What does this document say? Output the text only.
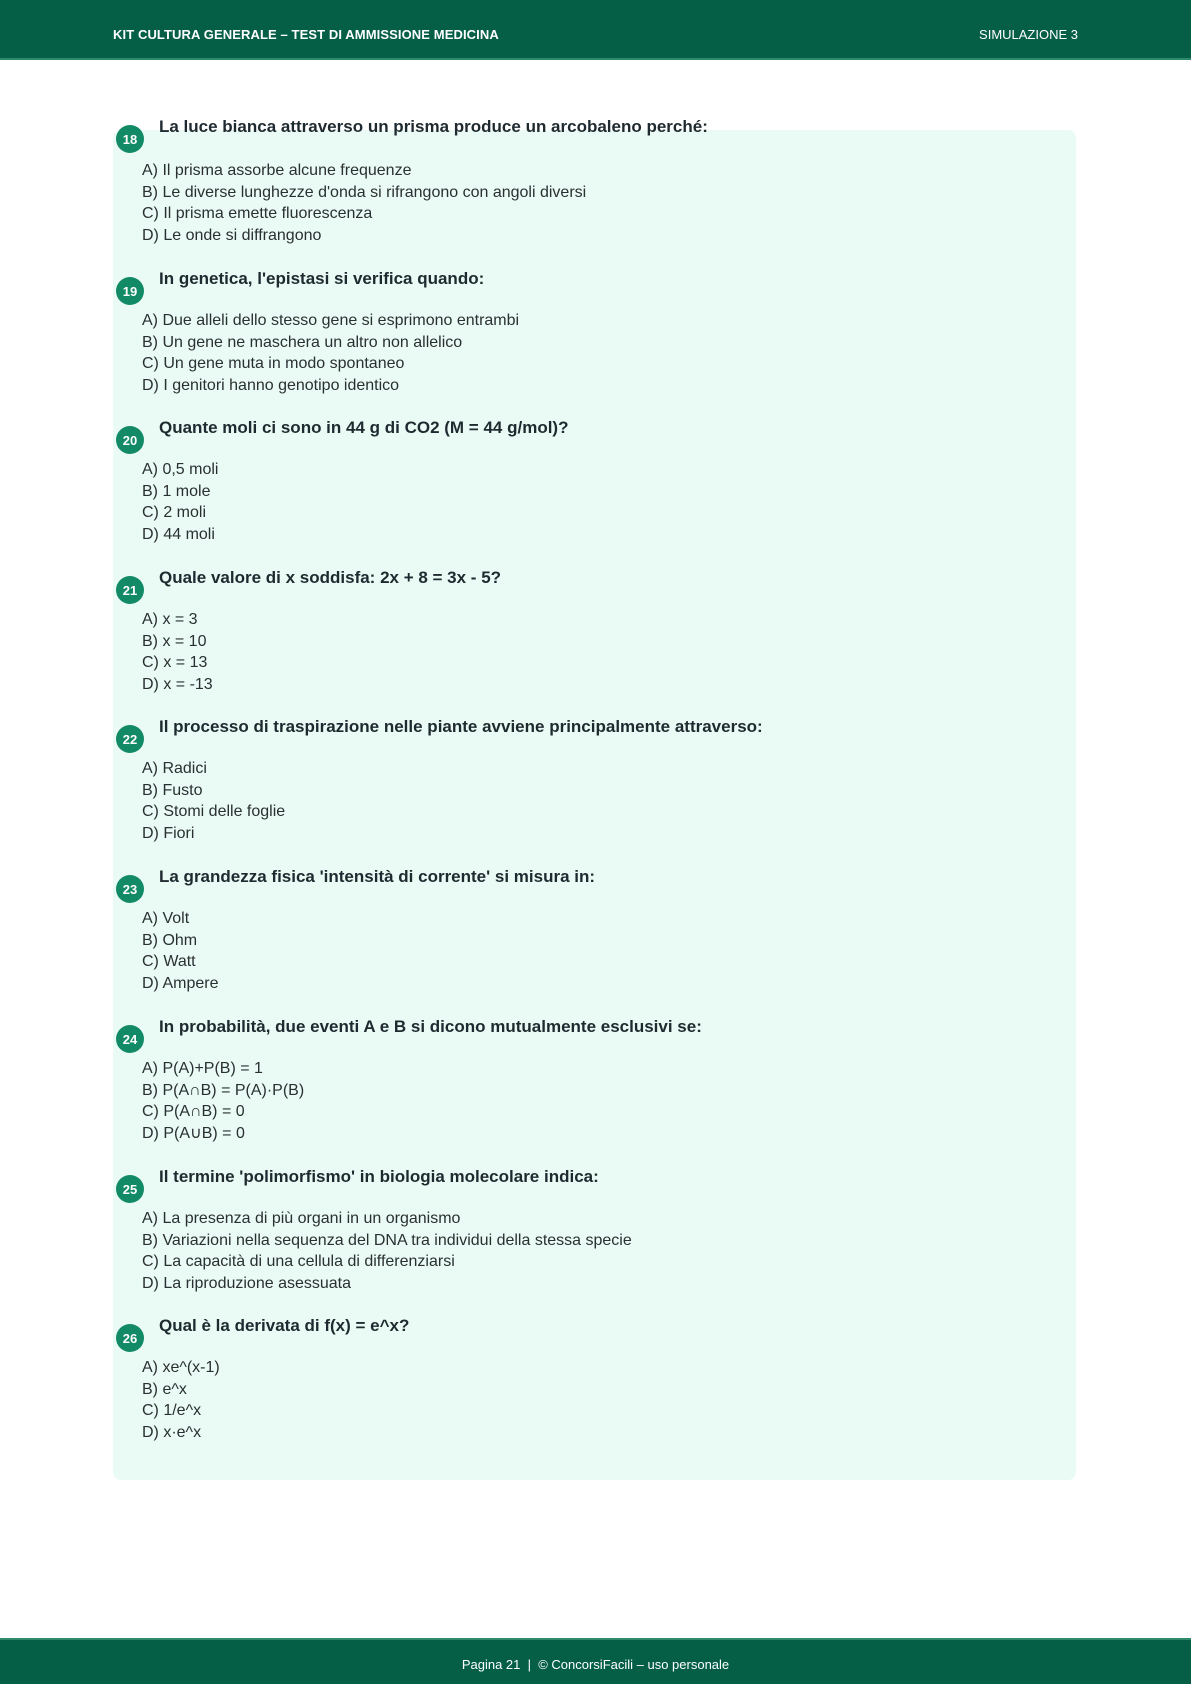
KIT CULTURA GENERALE – TEST DI AMMISSIONE MEDICINA	SIMULAZIONE 3
18
La luce bianca attraverso un prisma produce un arcobaleno perché:
A) Il prisma assorbe alcune frequenze
B) Le diverse lunghezze d'onda si rifrangono con angoli diversi
C) Il prisma emette fluorescenza
D) Le onde si diffrangono
19
In genetica, l'epistasi si verifica quando:
A) Due alleli dello stesso gene si esprimono entrambi
B) Un gene ne maschera un altro non allelico
C) Un gene muta in modo spontaneo
D) I genitori hanno genotipo identico
20
Quante moli ci sono in 44 g di CO2 (M = 44 g/mol)?
A) 0,5 moli
B) 1 mole
C) 2 moli
D) 44 moli
21
Quale valore di x soddisfa: 2x + 8 = 3x - 5?
A) x = 3
B) x = 10
C) x = 13
D) x = -13
22
Il processo di traspirazione nelle piante avviene principalmente attraverso:
A) Radici
B) Fusto
C) Stomi delle foglie
D) Fiori
23
La grandezza fisica 'intensità di corrente' si misura in:
A) Volt
B) Ohm
C) Watt
D) Ampere
24
In probabilità, due eventi A e B si dicono mutualmente esclusivi se:
A) P(A)+P(B) = 1
B) P(A∩B) = P(A)·P(B)
C) P(A∩B) = 0
D) P(A∪B) = 0
25
Il termine 'polimorfismo' in biologia molecolare indica:
A) La presenza di più organi in un organismo
B) Variazioni nella sequenza del DNA tra individui della stessa specie
C) La capacità di una cellula di differenziarsi
D) La riproduzione asessuata
26
Qual è la derivata di f(x) = e^x?
A) xe^(x-1)
B) e^x
C) 1/e^x
D) x·e^x
Pagina 21  |  © ConcorsiFacili – uso personale
